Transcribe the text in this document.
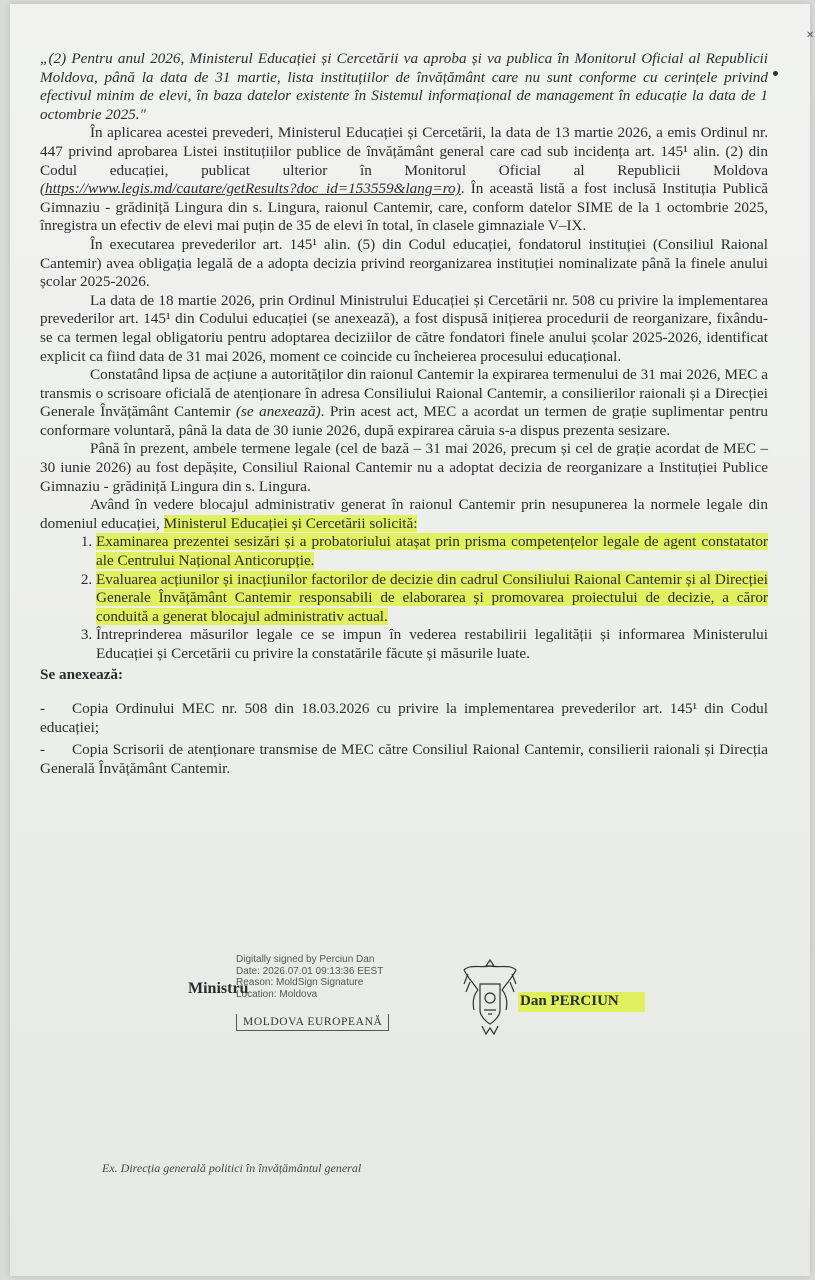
✕

„(2) Pentru anul 2026, Ministerul Educației și Cercetării va aproba și va publica în Monitorul Oficial al Republicii Moldova, până la data de 31 martie, lista instituțiilor de învățământ care nu sunt conforme cu cerințele privind efectivul minim de elevi, în baza datelor existente în Sistemul informațional de management în educație la data de 1 octombrie 2025."

În aplicarea acestei prevederi, Ministerul Educației și Cercetării, la data de 13 martie 2026, a emis Ordinul nr. 447 privind aprobarea Listei instituțiilor publice de învățământ general care cad sub incidența art. 145¹ alin. (2) din Codul educației, publicat ulterior în Monitorul Oficial al Republicii Moldova (https://www.legis.md/cautare/getResults?doc_id=153559&lang=ro). În această listă a fost inclusă Instituția Publică Gimnaziu - grădiniță Lingura din s. Lingura, raionul Cantemir, care, conform datelor SIME de la 1 octombrie 2025, înregistra un efectiv de elevi mai puțin de 35 de elevi în total, în clasele gimnaziale V–IX.

În executarea prevederilor art. 145¹ alin. (5) din Codul educației, fondatorul instituției (Consiliul Raional Cantemir) avea obligația legală de a adopta decizia privind reorganizarea instituției nominalizate până la finele anului școlar 2025-2026.

La data de 18 martie 2026, prin Ordinul Ministrului Educației și Cercetării nr. 508 cu privire la implementarea prevederilor art. 145¹ din Codului educației (se anexează), a fost dispusă inițierea procedurii de reorganizare, fixându-se ca termen legal obligatoriu pentru adoptarea deciziilor de către fondatori finele anului școlar 2025-2026, identificat explicit ca fiind data de 31 mai 2026, moment ce coincide cu încheierea procesului educațional.

Constatând lipsa de acțiune a autorităților din raionul Cantemir la expirarea termenului de 31 mai 2026, MEC a transmis o scrisoare oficială de atenționare în adresa Consiliului Raional Cantemir, a consilierilor raionali și a Direcției Generale Învățământ Cantemir (se anexează). Prin acest act, MEC a acordat un termen de grație suplimentar pentru conformare voluntară, până la data de 30 iunie 2026, după expirarea căruia s-a dispus prezenta sesizare.

Până în prezent, ambele termene legale (cel de bază – 31 mai 2026, precum și cel de grație acordat de MEC – 30 iunie 2026) au fost depășite, Consiliul Raional Cantemir nu a adoptat decizia de reorganizare a Instituției Publice Gimnaziu - grădiniță Lingura din s. Lingura.

Având în vedere blocajul administrativ generat în raionul Cantemir prin nesupunerea la normele legale din domeniul educației, Ministerul Educației și Cercetării solicită:

1. Examinarea prezentei sesizări și a probatoriului atașat prin prisma competențelor legale de agent constatator ale Centrului Național Anticorupție.
2. Evaluarea acțiunilor și inacțiunilor factorilor de decizie din cadrul Consiliului Raional Cantemir și al Direcției Generale Învățământ Cantemir responsabili de elaborarea și promovarea proiectului de decizie, a căror conduită a generat blocajul administrativ actual.
3. Întreprinderea măsurilor legale ce se impun în vederea restabilirii legalității și informarea Ministerului Educației și Cercetării cu privire la constatările făcute și măsurile luate.

Se anexează:

- Copia Ordinului MEC nr. 508 din 18.03.2026 cu privire la implementarea prevederilor art. 145¹ din Codul educației;

- Copia Scrisorii de atenționare transmise de MEC către Consiliul Raional Cantemir, consilierii raionali și Direcția Generală Învățământ Cantemir.

Digitally signed by Perciun Dan
Date: 2026.07.01 09:13:36 EEST
Reason: MoldSign Signature
Location: Moldova
Ministru
MOLDOVA EUROPEANĂ
Dan PERCIUN
Ex. Direcția generală politici în învățământul general
